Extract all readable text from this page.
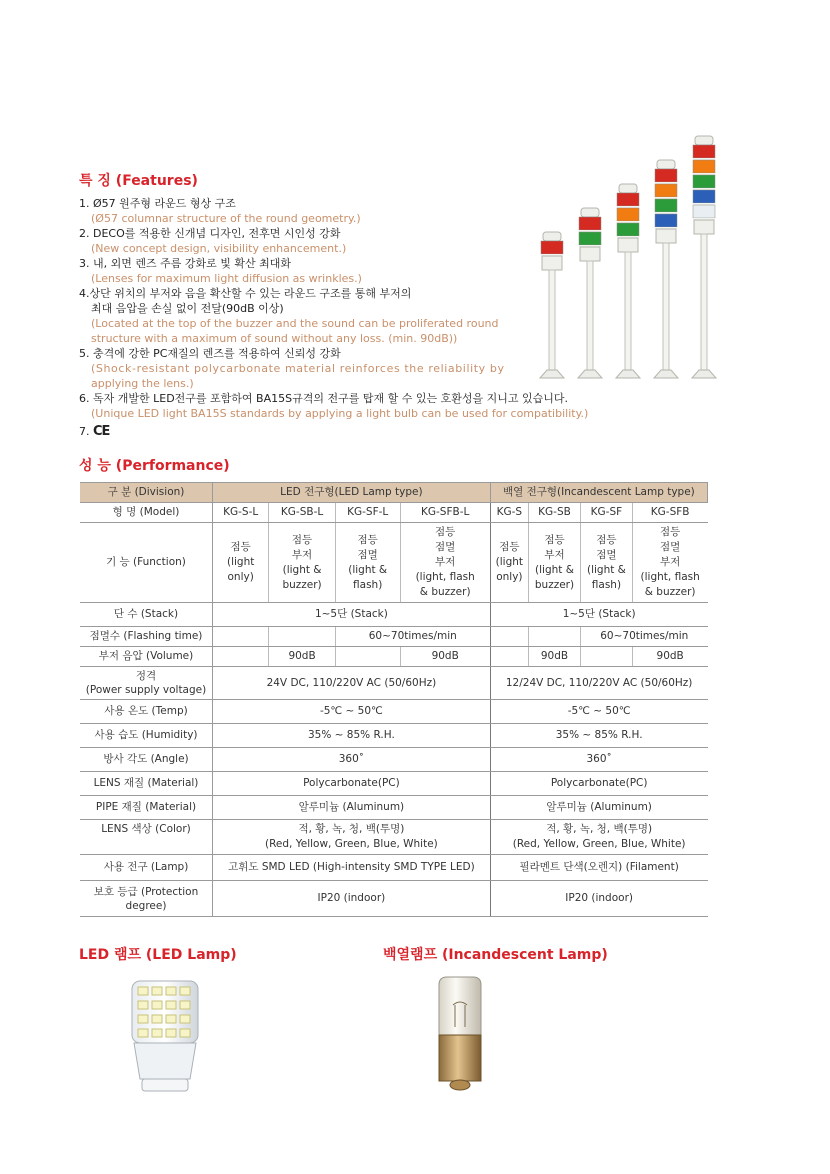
특 징 (Features)
1. Ø57 원주형 라운드 형상 구조
(Ø57 columnar structure of the round geometry.)
2. DECO를 적용한 신개념 디자인, 전후면 시인성 강화
(New concept design, visibility enhancement.)
3. 내, 외면 렌즈 주름 강화로 빛 확산 최대화
(Lenses for maximum light diffusion as wrinkles.)
4.상단 위치의 부저와 음을 확산할 수 있는 라운드 구조를 통해 부저의
최대 음압을 손실 없이 전달(90dB 이상)
(Located at the top of the buzzer and the sound can be proliferated round
structure with a maximum of sound without any loss. (min. 90dB))
5. 충격에 강한 PC재질의 렌즈를 적용하여 신뢰성 강화
(Shock-resistant polycarbonate material reinforces the reliability by
applying the lens.)
6. 독자 개발한 LED전구를 포함하여 BA15S규격의 전구를 탑재 할 수 있는 호환성을 지니고 있습니다.
(Unique LED light BA15S standards by applying a light bulb can be used for compatibility.)
7. CE
성 능 (Performance)
구 분 (Division)	LED 전구형(LED Lamp type)				백열 전구형(Incandescent Lamp type)			
형 명 (Model)	KG-S-L	KG-SB-L	KG-SF-L	KG-SFB-L	KG-S	KG-SB	KG-SF	KG-SFB
기 능 (Function)	점등
(light
only)	점등
부저
(light &
buzzer)	점등
점멸
(light &
flash)	점등
점멸
부저
(light, flash
& buzzer)	점등
(light
only)	점등
부저
(light &
buzzer)	점등
점멸
(light &
flash)	점등
점멸
부저
(light, flash
& buzzer)
단 수 (Stack)	1~5단 (Stack)				1~5단 (Stack)			
점멸수 (Flashing time)			60~70times/min				60~70times/min	
부저 음압 (Volume)		90dB		90dB		90dB		90dB
정격
(Power supply voltage)	24V DC, 110/220V AC (50/60Hz)				12/24V DC, 110/220V AC (50/60Hz)			
사용 온도 (Temp)	-5℃ ~ 50℃				-5℃ ~ 50℃			
사용 습도 (Humidity)	35% ~ 85% R.H.				35% ~ 85% R.H.			
방사 각도 (Angle)	360˚				360˚			
LENS 재질 (Material)	Polycarbonate(PC)				Polycarbonate(PC)			
PIPE 재질 (Material)	알루미늄 (Aluminum)				알루미늄 (Aluminum)			
LENS 색상 (Color)	적, 황, 녹, 청, 백(투명)
(Red, Yellow, Green, Blue, White)				적, 황, 녹, 청, 백(투명)
(Red, Yellow, Green, Blue, White)			
사용 전구 (Lamp)	고휘도 SMD LED (High-intensity SMD TYPE LED)				필라멘트 단색(오렌지) (Filament)			
보호 등급 (Protection
degree)	IP20 (indoor)				IP20 (indoor)			
LED 램프 (LED Lamp)	백열램프 (Incandescent Lamp)
